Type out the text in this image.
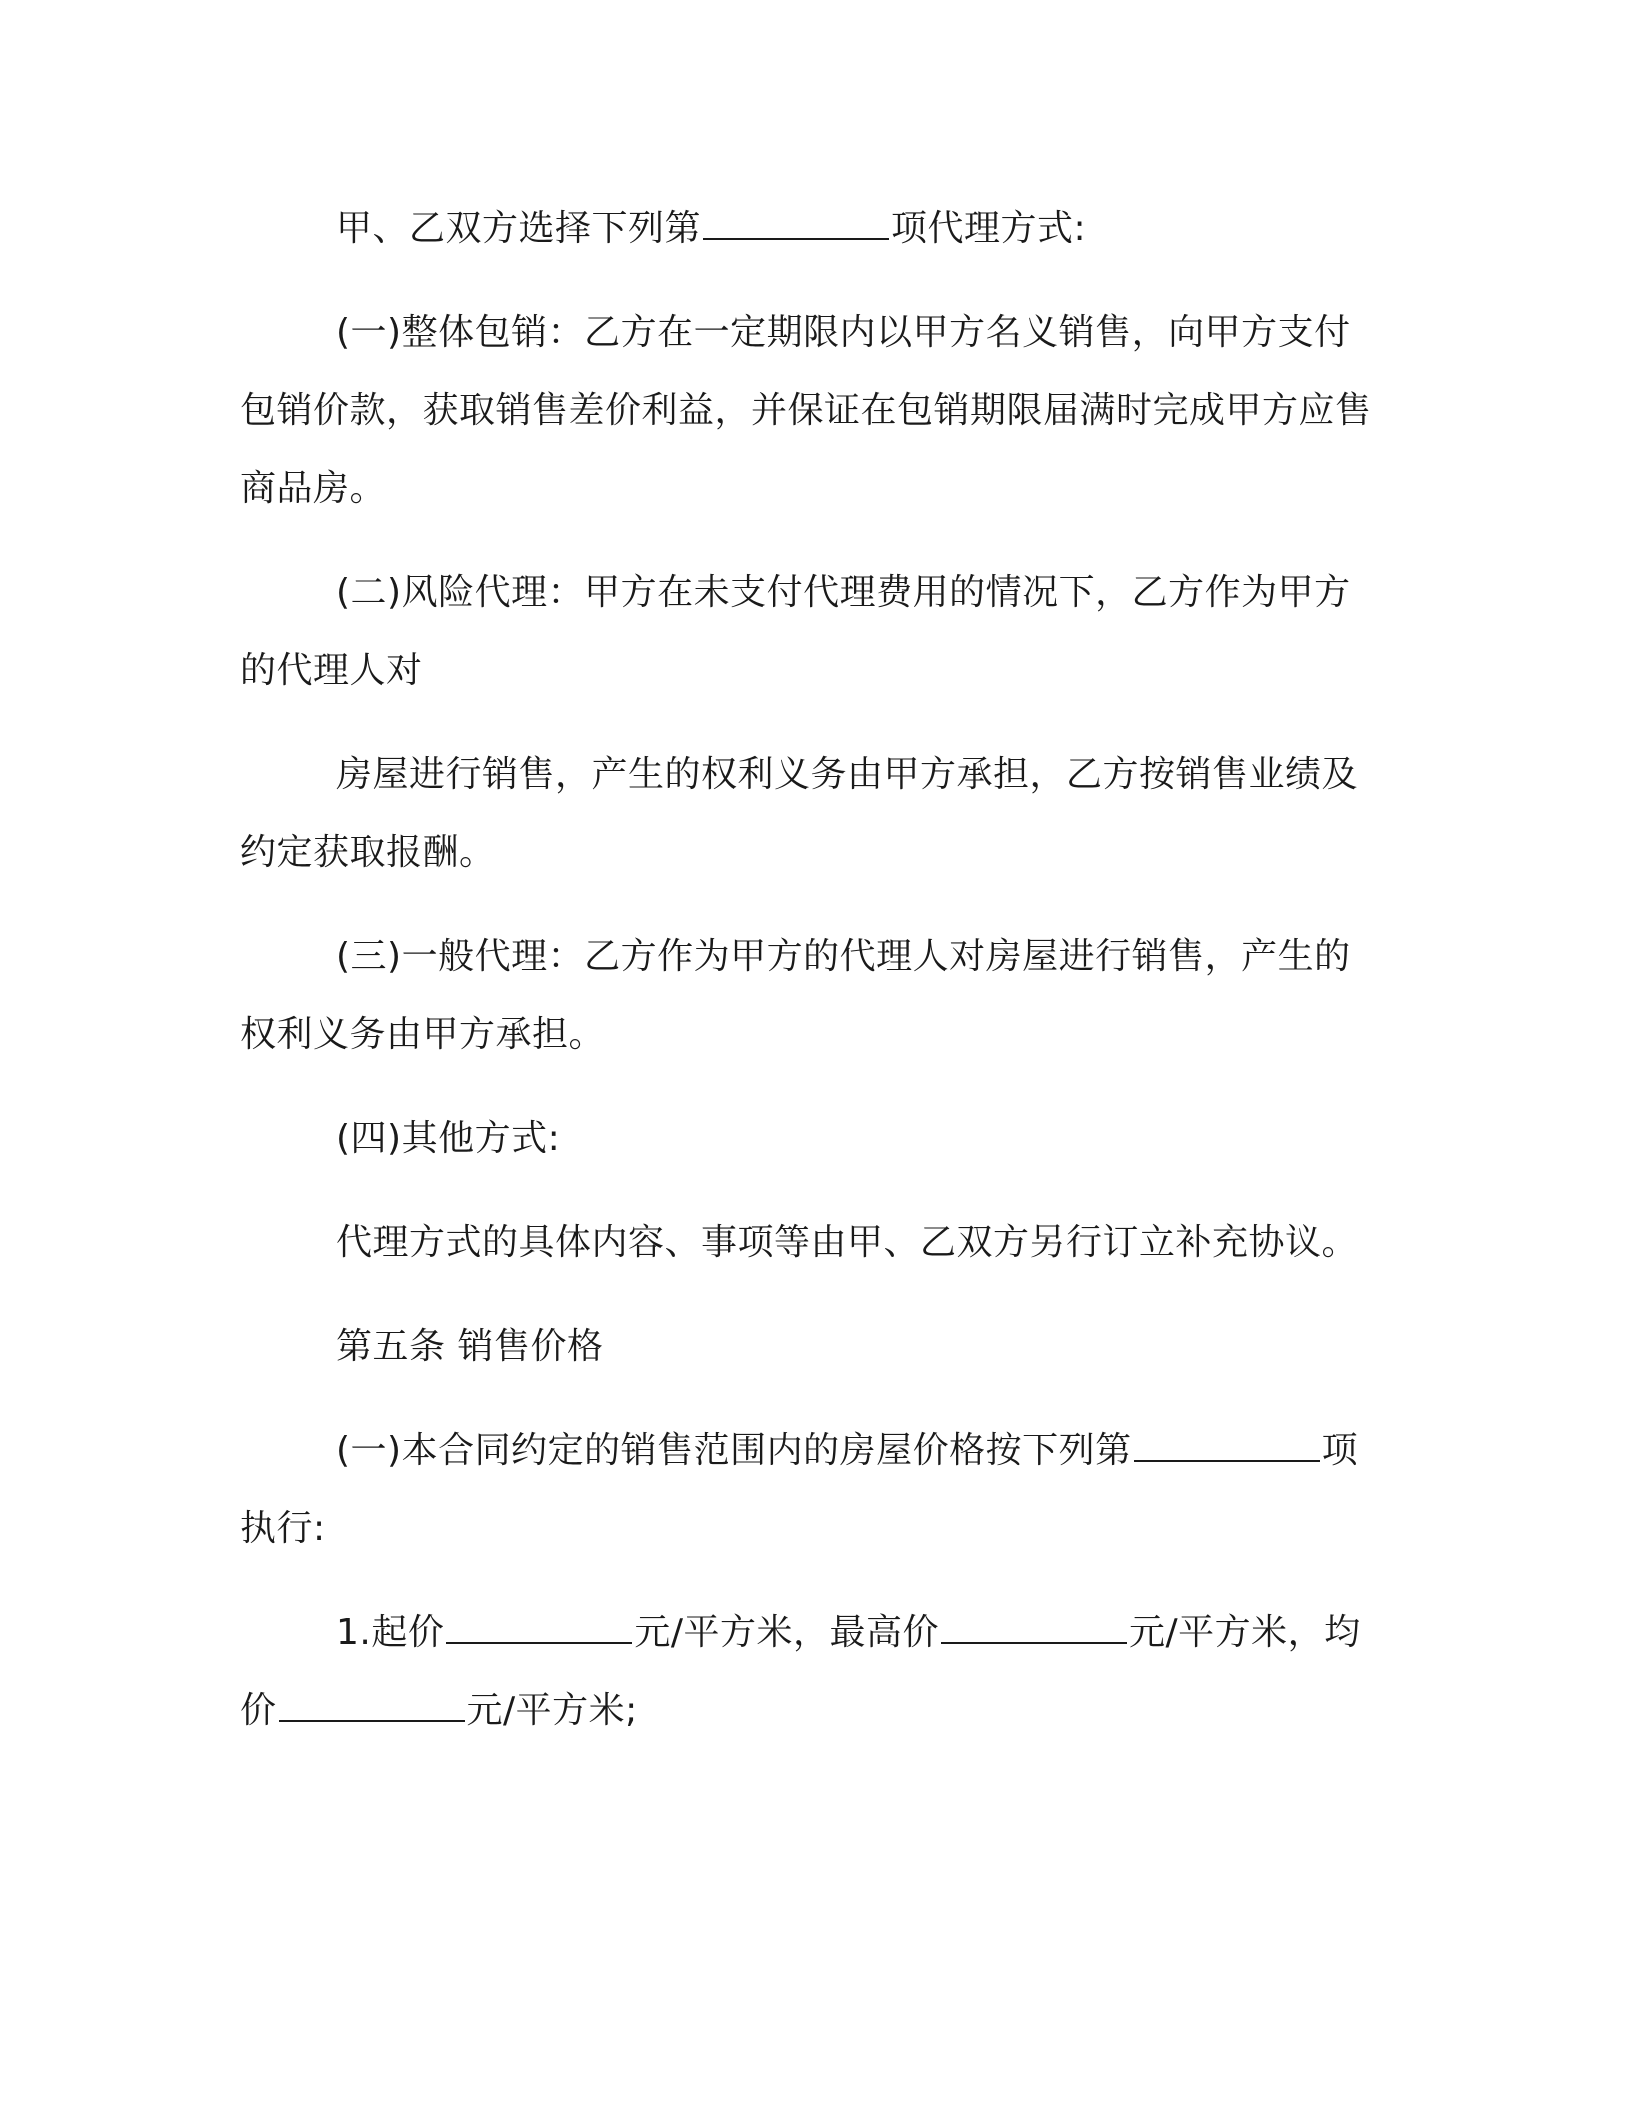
甲、乙双方选择下列第	项代理方式:

(一)整体包销：乙方在一定期限内以甲方名义销售，向甲方支付包销价款，获取销售差价利益，并保证在包销期限届满时完成甲方应售商品房。

(二)风险代理：甲方在未支付代理费用的情况下，乙方作为甲方的代理人对

房屋进行销售，产生的权利义务由甲方承担，乙方按销售业绩及约定获取报酬。

(三)一般代理：乙方作为甲方的代理人对房屋进行销售，产生的权利义务由甲方承担。

(四)其他方式:

代理方式的具体内容、事项等由甲、乙双方另行订立补充协议。

第五条 销售价格

(一)本合同约定的销售范围内的房屋价格按下列第	项执行:

1.起价	元/平方米，最高价	元/平方米，均价	元/平方米;
